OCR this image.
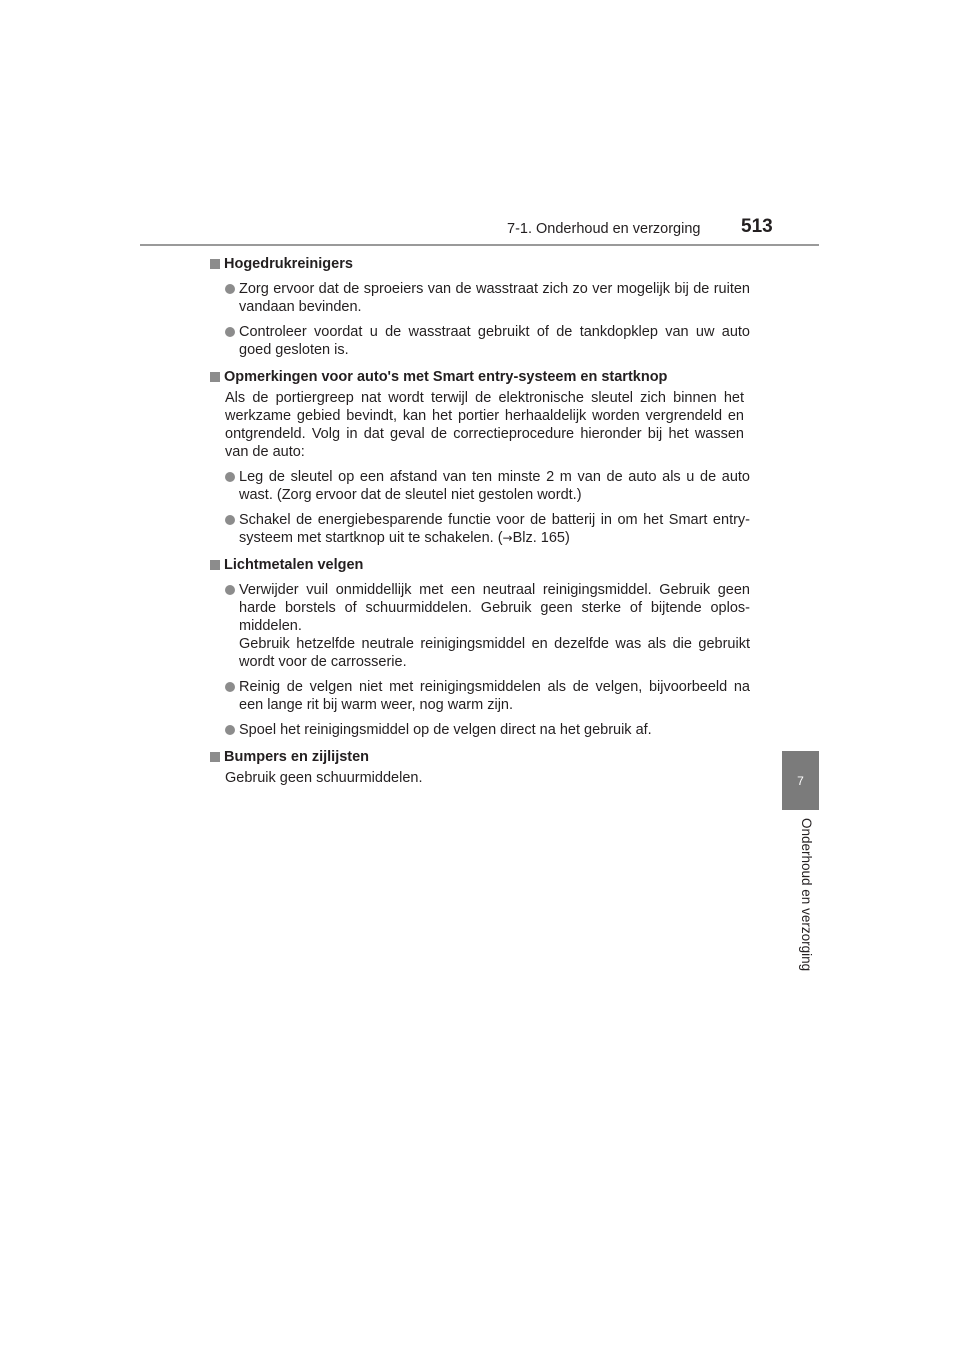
7-1. Onderhoud en verzorging 513
7
Onderhoud en verzorging
Hogedrukreinigers
Zorg ervoor dat de sproeiers van de wasstraat zich zo ver mogelijk bij de ruiten vandaan bevinden.
Controleer voordat u de wasstraat gebruikt of de tankdopklep van uw auto goed gesloten is.
Opmerkingen voor auto's met Smart entry-systeem en startknop
Als de portiergreep nat wordt terwijl de elektronische sleutel zich binnen het werkzame gebied bevindt, kan het portier herhaaldelijk worden vergrendeld en ontgrendeld. Volg in dat geval de correctieprocedure hieronder bij het wassen van de auto:
Leg de sleutel op een afstand van ten minste 2 m van de auto als u de auto wast. (Zorg ervoor dat de sleutel niet gestolen wordt.)
Schakel de energiebesparende functie voor de batterij in om het Smart entry-systeem met startknop uit te schakelen. (→Blz. 165)
Lichtmetalen velgen
Verwijder vuil onmiddellijk met een neutraal reinigingsmiddel. Gebruik geen harde borstels of schuurmiddelen. Gebruik geen sterke of bijtende oplos-middelen.
Gebruik hetzelfde neutrale reinigingsmiddel en dezelfde was als die gebruikt wordt voor de carrosserie.
Reinig de velgen niet met reinigingsmiddelen als de velgen, bijvoorbeeld na een lange rit bij warm weer, nog warm zijn.
Spoel het reinigingsmiddel op de velgen direct na het gebruik af.
Bumpers en zijlijsten
Gebruik geen schuurmiddelen.
